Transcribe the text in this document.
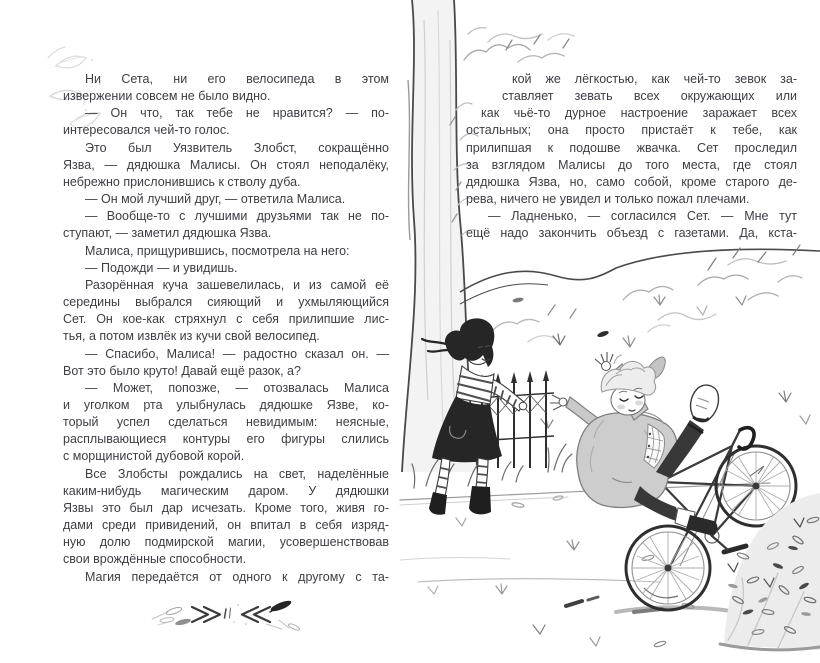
Ни Сета, ни его велосипеда в этом
извержении совсем не было видно.
— Он что, так тебе не нравится? — по-
интересовался чей-то голос.
Это был Уязвитель Злобст, сокращённо
Язва, — дядюшка Малисы. Он стоял неподалёку,
небрежно прислонившись к стволу дуба.
— Он мой лучший друг, — ответила Малиса.
— Вообще-то с лучшими друзьями так не по-
ступают, — заметил дядюшка Язва.
Малиса, прищурившись, посмотрела на него:
— Подожди — и увидишь.
Разорённая куча зашевелилась, и из самой её
середины выбрался сияющий и ухмыляющийся
Сет. Он кое-как стряхнул с себя прилипшие лис-
тья, а потом извлёк из кучи свой велосипед.
— Спасибо, Малиса! — радостно сказал он. —
Вот это было круто! Давай ещё разок, а?
— Может, попозже, — отозвалась Малиса
и уголком рта улыбнулась дядюшке Язве, ко-
торый успел сделаться невидимым: неясные,
расплывающиеся контуры его фигуры слились
с морщинистой дубовой корой.
Все Злобсты рождались на свет, наделённые
каким-нибудь магическим даром. У дядюшки
Язвы это был дар исчезать. Кроме того, живя го-
дами среди привидений, он впитал в себя изряд-
ную долю подмирской магии, усовершенствовав
свои врождённые способности.
Магия передаётся от одного к другому с та-
кой же лёгкостью, как чей-то зевок за-
ставляет зевать всех окружающих или
как чьё-то дурное настроение заражает всех
остальных; она просто пристаёт к тебе, как
прилипшая к подошве жвачка. Сет проследил
за взглядом Малисы до того места, где стоял
дядюшка Язва, но, само собой, кроме старого де-
рева, ничего не увидел и только пожал плечами.
— Ладненько, — согласился Сет. — Мне тут
ещё надо закончить объезд с газетами. Да, кста-
